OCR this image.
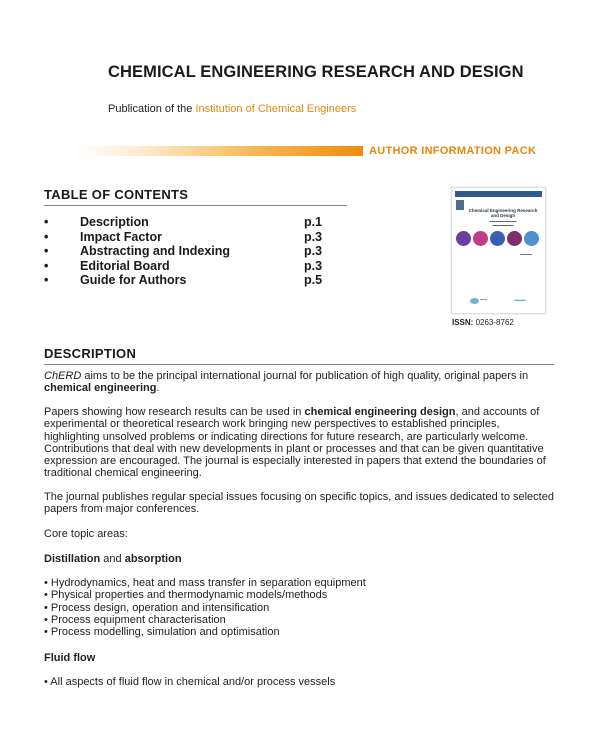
CHEMICAL ENGINEERING RESEARCH AND DESIGN
Publication of the Institution of Chemical Engineers
AUTHOR INFORMATION PACK
TABLE OF CONTENTS
•	Description	p.1
•	Impact Factor	p.3
•	Abstracting and Indexing	p.3
•	Editorial Board	p.3
•	Guide for Authors	p.5
Chemical Engineering Research and Design
▬▬▬▬▬▬▬▬▬
▬▬▬▬▬▬▬
▬▬▬▬
▬▬	▬▬▬
ISSN: 0263-8762
DESCRIPTION

ChERD aims to be the principal international journal for publication of high quality, original papers in chemical engineering.

Papers showing how research results can be used in chemical engineering design, and accounts of experimental or theoretical research work bringing new perspectives to established principles, highlighting unsolved problems or indicating directions for future research, are particularly welcome. Contributions that deal with new developments in plant or processes and that can be given quantitative expression are encouraged. The journal is especially interested in papers that extend the boundaries of traditional chemical engineering.

The journal publishes regular special issues focusing on specific topics, and issues dedicated to selected papers from major conferences.
Core topic areas:
Distillation and absorption
• Hydrodynamics, heat and mass transfer in separation equipment
• Physical properties and thermodynamic models/methods
• Process design, operation and intensification
• Process equipment characterisation
• Process modelling, simulation and optimisation
Fluid flow
• All aspects of fluid flow in chemical and/or process vessels
